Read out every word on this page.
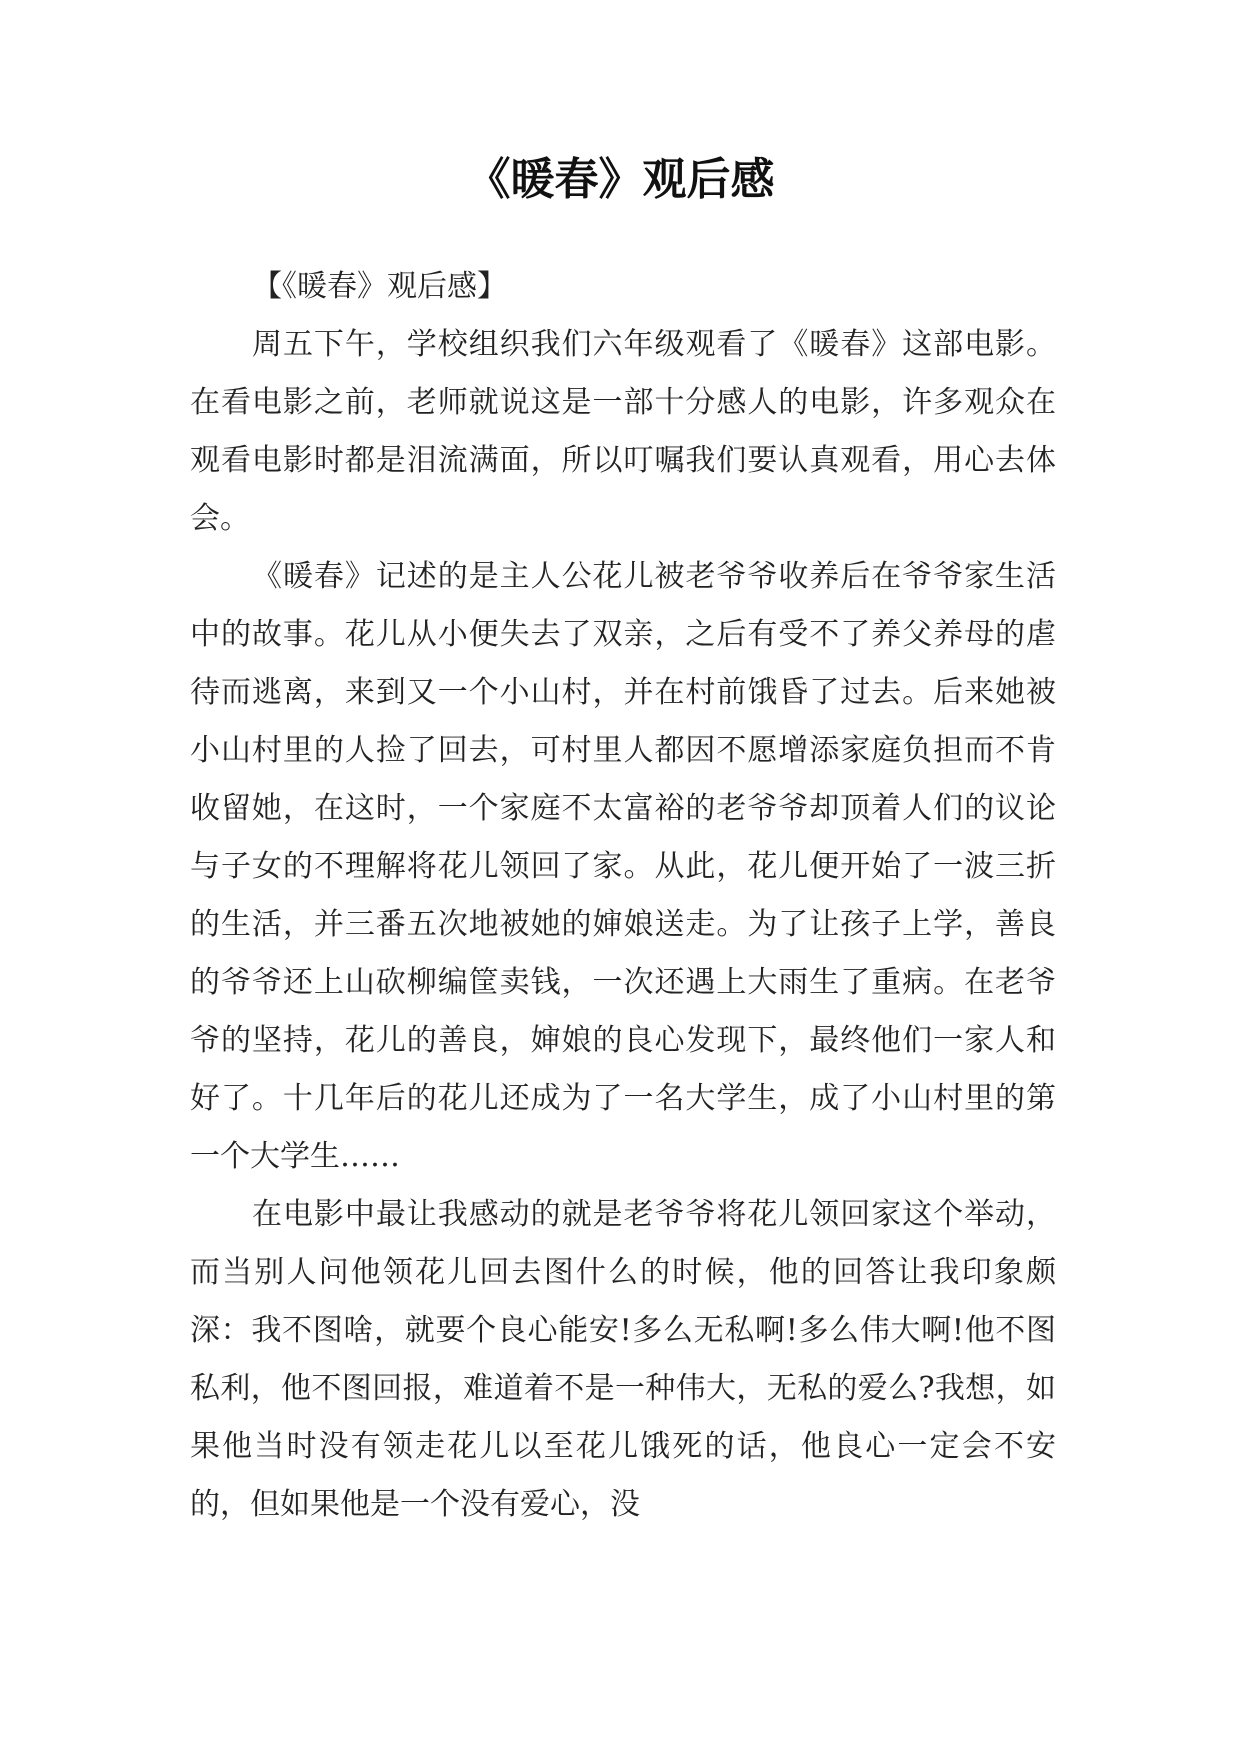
《暖春》观后感

【《暖春》观后感】

周五下午，学校组织我们六年级观看了《暖春》这部电影。在看电影之前，老师就说这是一部十分感人的电影，许多观众在观看电影时都是泪流满面，所以叮嘱我们要认真观看，用心去体会。

《暖春》记述的是主人公花儿被老爷爷收养后在爷爷家生活中的故事。花儿从小便失去了双亲，之后有受不了养父养母的虐待而逃离，来到又一个小山村，并在村前饿昏了过去。后来她被小山村里的人捡了回去，可村里人都因不愿增添家庭负担而不肯收留她，在这时，一个家庭不太富裕的老爷爷却顶着人们的议论与子女的不理解将花儿领回了家。从此，花儿便开始了一波三折的生活，并三番五次地被她的婶娘送走。为了让孩子上学，善良的爷爷还上山砍柳编筐卖钱，一次还遇上大雨生了重病。在老爷爷的坚持，花儿的善良，婶娘的良心发现下，最终他们一家人和好了。十几年后的花儿还成为了一名大学生，成了小山村里的第一个大学生……

在电影中最让我感动的就是老爷爷将花儿领回家这个举动，而当别人问他领花儿回去图什么的时候，他的回答让我印象颇深：我不图啥，就要个良心能安!多么无私啊!多么伟大啊!他不图私利，他不图回报，难道着不是一种伟大，无私的爱么?我想，如果他当时没有领走花儿以至花儿饿死的话，他良心一定会不安的，但如果他是一个没有爱心，没
